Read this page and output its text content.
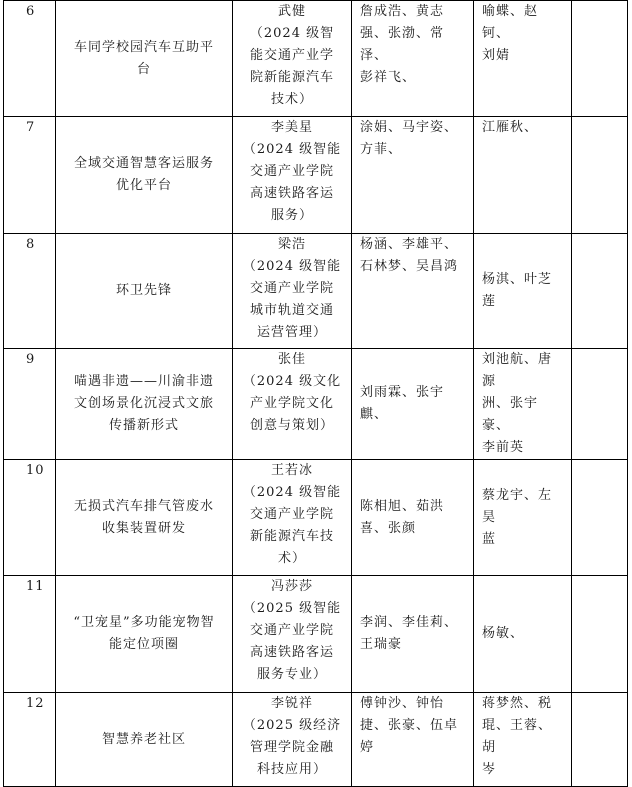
6	车同学校园汽车互助平
台	武健
（2024 级智
能交通产业学
院新能源汽车
技术）	詹成浩、黄志
强、张渤、常泽、
彭祥飞、	喻蝶、赵钶、
刘婧	

7	全域交通智慧客运服务
优化平台	李美星
（2024 级智能
交通产业学院
高速铁路客运
服务）	涂娟、马宇姿、
方菲、	江雁秋、	

8	环卫先锋	梁浩
（2024 级智能
交通产业学院
城市轨道交通
运营管理）	杨涵、李雄平、
石林梦、吴昌鸿	杨淇、叶芝莲	

9	喵遇非遗——川渝非遗
文创场景化沉浸式文旅
传播新形式	张佳
（2024 级文化
产业学院文化
创意与策划）	刘雨霖、张宇
麒、	刘池航、唐源
洲、张宇豪、
李前英	

10	无损式汽车排气管废水
收集装置研发	王若冰
（2024 级智能
交通产业学院
新能源汽车技
术）	陈相旭、茹洪
喜、张颜	蔡龙宇、左昊
蓝	

11	“卫宠星”多功能宠物智
能定位项圈	冯莎莎
（2025 级智能
交通产业学院
高速铁路客运
服务专业）	李润、李佳莉、
王瑞豪	杨敏、	

12	智慧养老社区	李锐祥
（2025 级经济
管理学院金融
科技应用）	傅钟沙、钟怡
捷、张豪、伍卓
婷	蒋梦然、税
琨、王蓉、胡
岑	
